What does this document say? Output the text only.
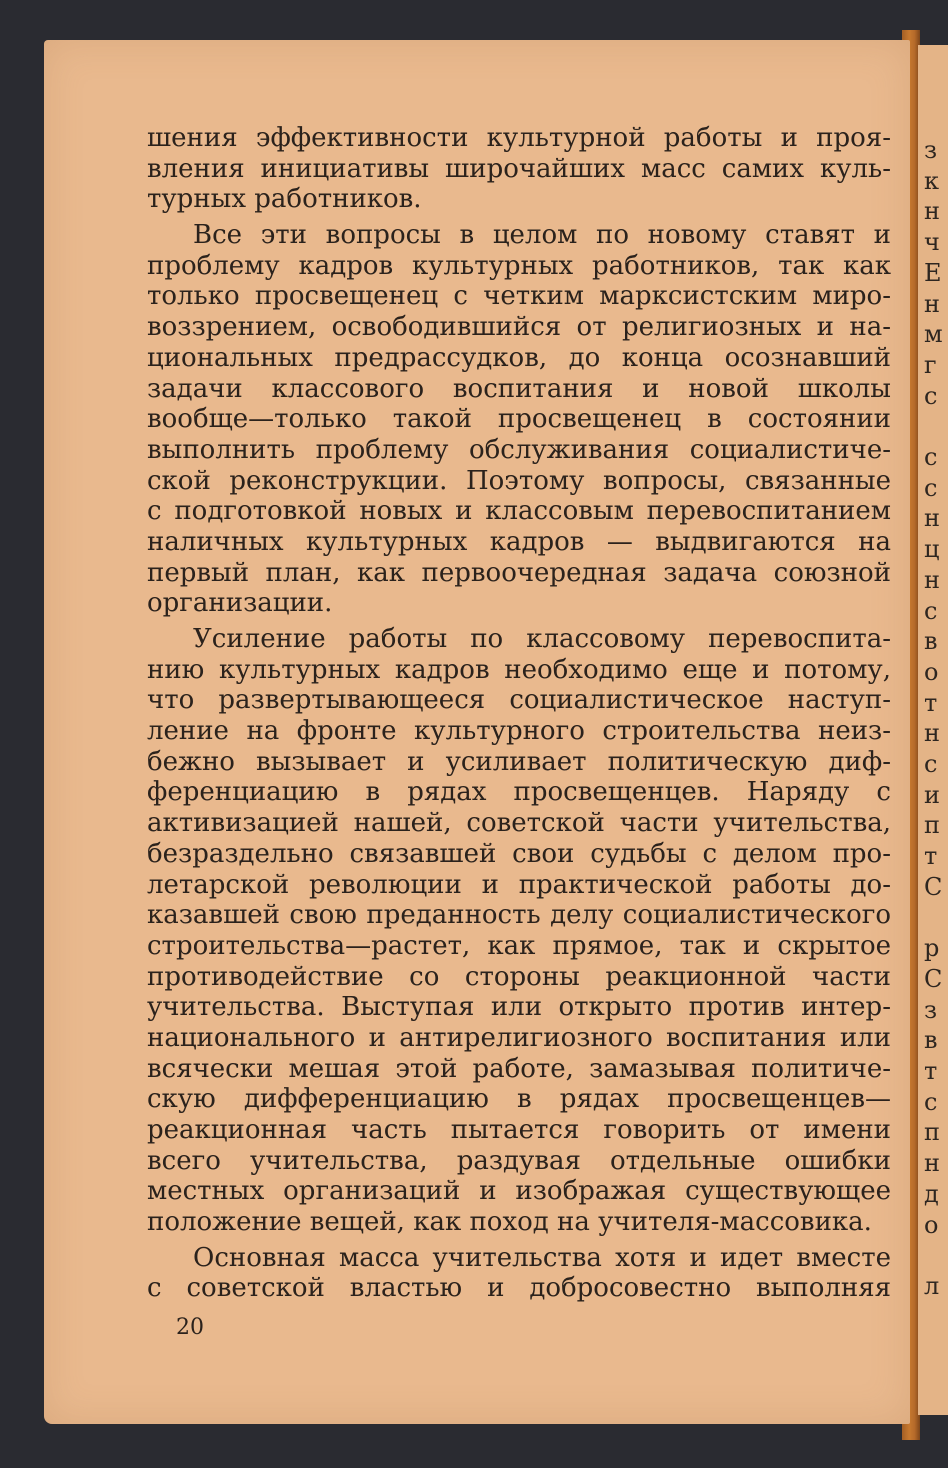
з
к
н
ч
Е
н
м
г
с
с
с
н
ц
н
с
в
о
т
н
с
и
п
т
С
р
С
з
в
т
с
п
н
д
о
л
шения эффективности культурной работы и проя-
вления инициативы широчайших масс самих куль-
турных работников.
Все эти вопросы в целом по новому ставят и
проблему кадров культурных работников, так как
только просвещенец с четким марксистским миро-
воззрением, освободившийся от религиозных и на-
циональных предрассудков, до конца осознавший
задачи классового воспитания и новой школы
вообще—только такой просвещенец в состоянии
выполнить проблему обслуживания социалистиче-
ской реконструкции. Поэтому вопросы, связанные
с подготовкой новых и классовым перевоспитанием
наличных культурных кадров — выдвигаются на
первый план, как первоочередная задача союзной
организации.
Усиление работы по классовому перевоспита-
нию культурных кадров необходимо еще и потому,
что развертывающееся социалистическое наступ-
ление на фронте культурного строительства неиз-
бежно вызывает и усиливает политическую диф-
ференциацию в рядах просвещенцев. Наряду с
активизацией нашей, советской части учительства,
безраздельно связавшей свои судьбы с делом про-
летарской революции и практической работы до-
казавшей свою преданность делу социалистического
строительства—растет, как прямое, так и скрытое
противодействие со стороны реакционной части
учительства. Выступая или открыто против интер-
национального и антирелигиозного воспитания или
всячески мешая этой работе, замазывая политиче-
скую дифференциацию в рядах просвещенцев—
реакционная часть пытается говорить от имени
всего учительства, раздувая отдельные ошибки
местных организаций и изображая существующее
положение вещей, как поход на учителя-массовика.
Основная масса учительства хотя и идет вместе
с советской властью и добросовестно выполняя
20
